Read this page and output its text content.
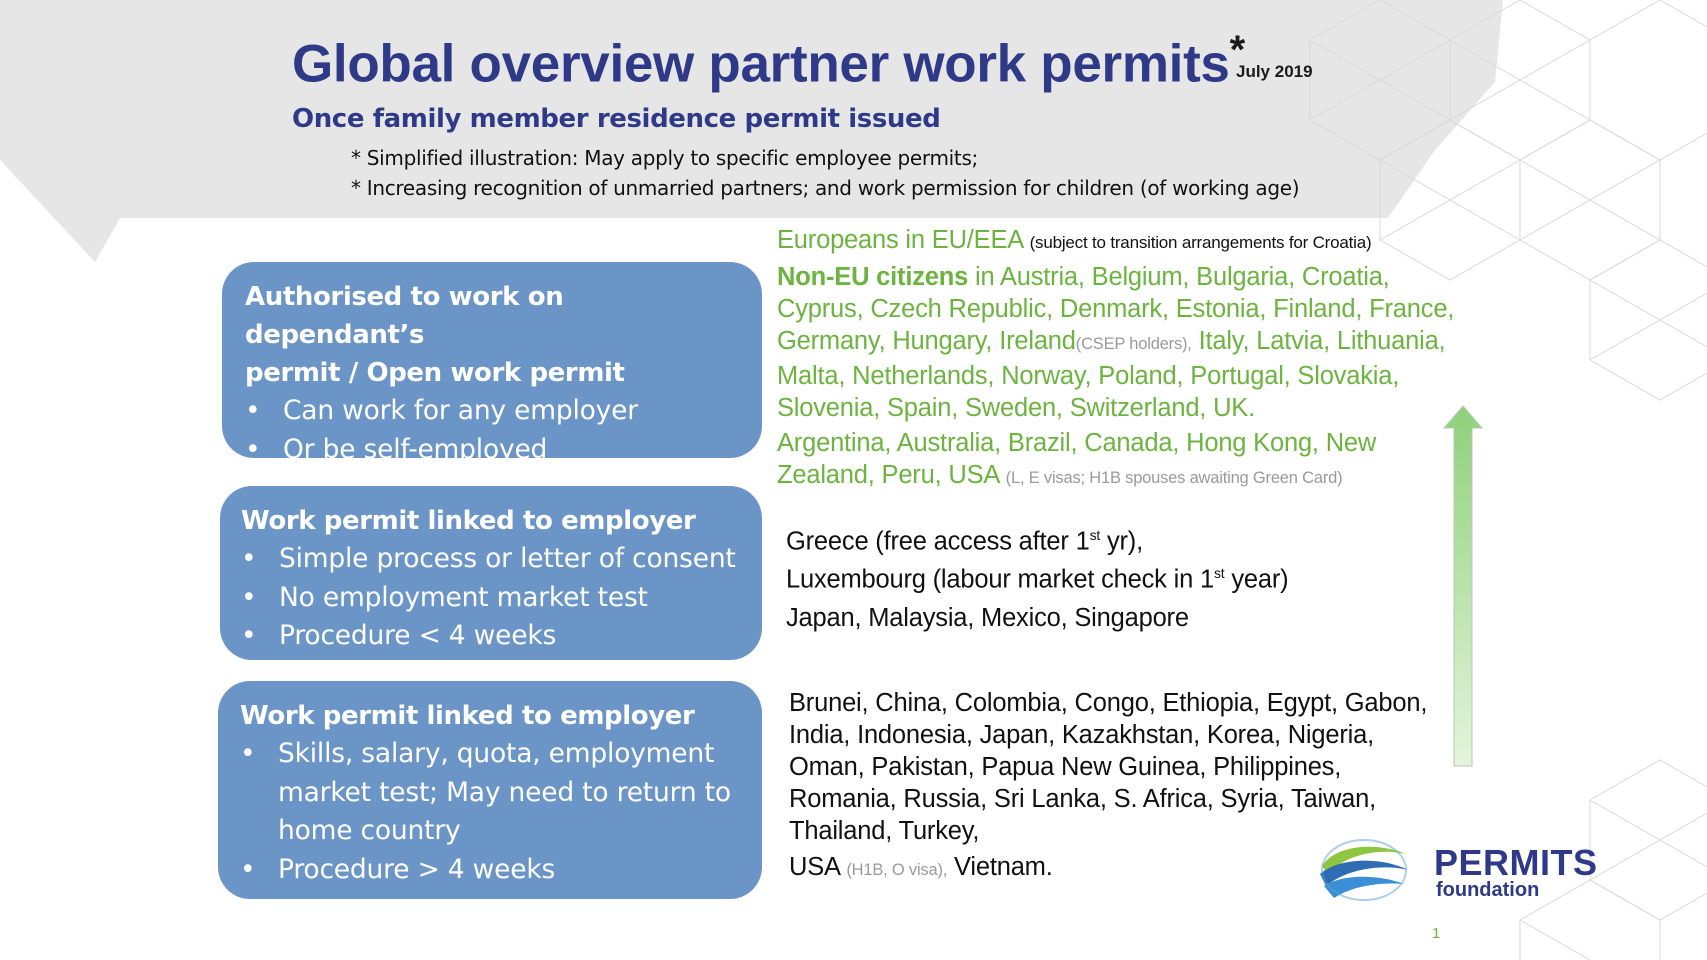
Global overview partner work permits*
July 2019
Once family member residence permit issued
* Simplified illustration: May apply to specific employee permits;
* Increasing recognition of unmarried partners; and work permission for children (of working age)
Authorised to work on dependant’s
permit / Open work permit
• Can work for any employer
• Or be self-employed
Work permit linked to employer
• Simple process or letter of consent
• No employment market test
• Procedure < 4 weeks
Work permit linked to employer
• Skills, salary, quota, employment market test; May need to return to home country
• Procedure > 4 weeks
Europeans in EU/EEA (subject to transition arrangements for Croatia)
Non-EU citizens in Austria, Belgium, Bulgaria, Croatia, Cyprus, Czech Republic, Denmark, Estonia, Finland, France, Germany, Hungary, Ireland(CSEP holders), Italy, Latvia, Lithuania, Malta, Netherlands, Norway, Poland, Portugal, Slovakia, Slovenia, Spain, Sweden, Switzerland, UK.
Argentina, Australia, Brazil, Canada, Hong Kong, New Zealand, Peru, USA (L, E visas; H1B spouses awaiting Green Card)
Greece (free access after 1st yr),
Luxembourg (labour market check in 1st year)
Japan, Malaysia, Mexico, Singapore
Brunei, China, Colombia, Congo, Ethiopia, Egypt, Gabon, India, Indonesia, Japan, Kazakhstan, Korea, Nigeria, Oman, Pakistan, Papua New Guinea, Philippines, Romania, Russia, Sri Lanka, S. Africa, Syria, Taiwan, Thailand, Turkey,
USA (H1B, O visa), Vietnam.	PERMITS
foundation
1
